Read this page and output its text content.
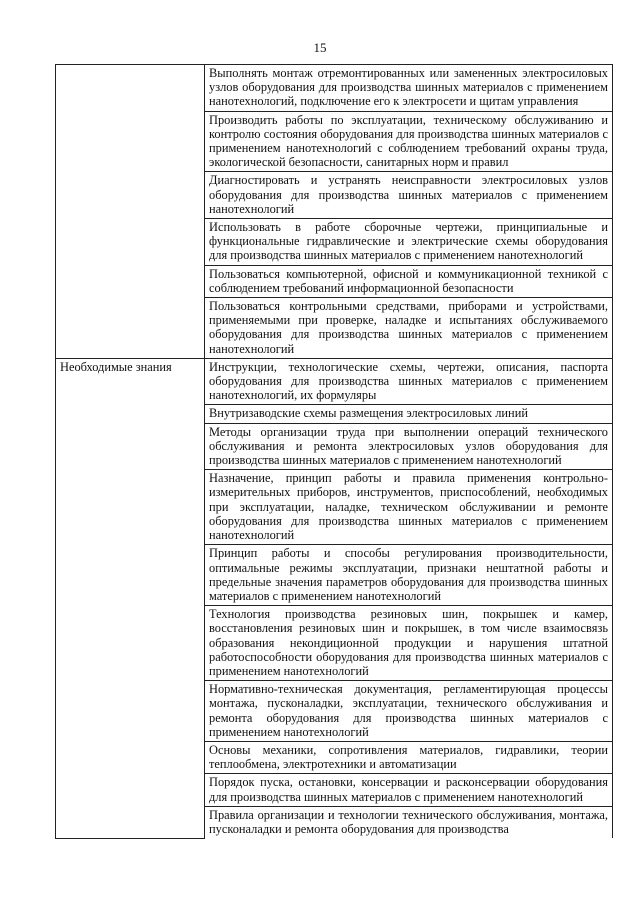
15
	Выполнять монтаж отремонтированных или замененных электросиловых узлов оборудования для производства шинных материалов с применением нанотехнологий, подключение его к электросети и щитам управления
	Производить работы по эксплуатации, техническому обслуживанию и контролю состояния оборудования для производства шинных материалов с применением нанотехнологий с соблюдением требований охраны труда, экологической безопасности, санитарных норм и правил
	Диагностировать и устранять неисправности электросиловых узлов оборудования для производства шинных материалов с применением нанотехнологий
	Использовать в работе сборочные чертежи, принципиальные и функциональные гидравлические и электрические схемы оборудования для производства шинных материалов с применением нанотехнологий
	Пользоваться компьютерной, офисной и коммуникационной техникой с соблюдением требований информационной безопасности
	Пользоваться контрольными средствами, приборами и устройствами, применяемыми при проверке, наладке и испытаниях обслуживаемого оборудования для производства шинных материалов с применением нанотехнологий
Необходимые знания	Инструкции, технологические схемы, чертежи, описания, паспорта оборудования для производства шинных материалов с применением нанотехнологий, их формуляры
	Внутризаводские схемы размещения электросиловых линий
	Методы организации труда при выполнении операций технического обслуживания и ремонта электросиловых узлов оборудования для производства шинных материалов с применением нанотехнологий
	Назначение, принцип работы и правила применения контрольно-измерительных приборов, инструментов, приспособлений, необходимых при эксплуатации, наладке, техническом обслуживании и ремонте оборудования для производства шинных материалов с применением нанотехнологий
	Принцип работы и способы регулирования производительности, оптимальные режимы эксплуатации, признаки нештатной работы и предельные значения параметров оборудования для производства шинных материалов с применением нанотехнологий
	Технология производства резиновых шин, покрышек и камер, восстановления резиновых шин и покрышек, в том числе взаимосвязь образования некондиционной продукции и нарушения штатной работоспособности оборудования для производства шинных материалов с применением нанотехнологий
	Нормативно-техническая документация, регламентирующая процессы монтажа, пусконаладки, эксплуатации, технического обслуживания и ремонта оборудования для производства шинных материалов с применением нанотехнологий
	Основы механики, сопротивления материалов, гидравлики, теории теплообмена, электротехники и автоматизации
	Порядок пуска, остановки, консервации и расконсервации оборудования для производства шинных материалов с применением нанотехнологий
	Правила организации и технологии технического обслуживания, монтажа, пусконаладки и ремонта оборудования для производства
